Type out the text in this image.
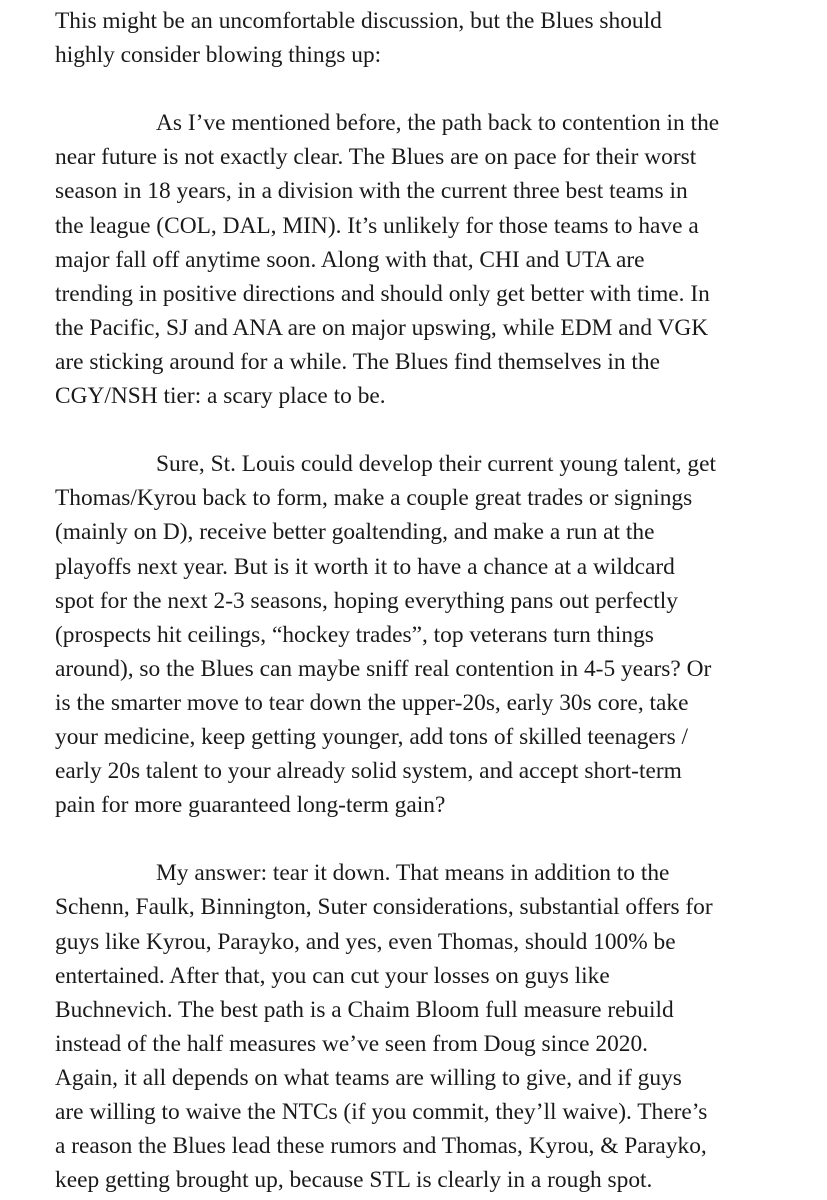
This might be an uncomfortable discussion, but the Blues should
highly consider blowing things up:
As I’ve mentioned before, the path back to contention in the
near future is not exactly clear. The Blues are on pace for their worst
season in 18 years, in a division with the current three best teams in
the league (COL, DAL, MIN). It’s unlikely for those teams to have a
major fall off anytime soon. Along with that, CHI and UTA are
trending in positive directions and should only get better with time. In
the Pacific, SJ and ANA are on major upswing, while EDM and VGK
are sticking around for a while. The Blues find themselves in the
CGY/NSH tier: a scary place to be.
Sure, St. Louis could develop their current young talent, get
Thomas/Kyrou back to form, make a couple great trades or signings
(mainly on D), receive better goaltending, and make a run at the
playoffs next year. But is it worth it to have a chance at a wildcard
spot for the next 2-3 seasons, hoping everything pans out perfectly
(prospects hit ceilings, “hockey trades”, top veterans turn things
around), so the Blues can maybe sniff real contention in 4-5 years? Or
is the smarter move to tear down the upper-20s, early 30s core, take
your medicine, keep getting younger, add tons of skilled teenagers /
early 20s talent to your already solid system, and accept short-term
pain for more guaranteed long-term gain?
My answer: tear it down. That means in addition to the
Schenn, Faulk, Binnington, Suter considerations, substantial offers for
guys like Kyrou, Parayko, and yes, even Thomas, should 100% be
entertained. After that, you can cut your losses on guys like
Buchnevich. The best path is a Chaim Bloom full measure rebuild
instead of the half measures we’ve seen from Doug since 2020.
Again, it all depends on what teams are willing to give, and if guys
are willing to waive the NTCs (if you commit, they’ll waive). There’s
a reason the Blues lead these rumors and Thomas, Kyrou, & Parayko,
keep getting brought up, because STL is clearly in a rough spot.
